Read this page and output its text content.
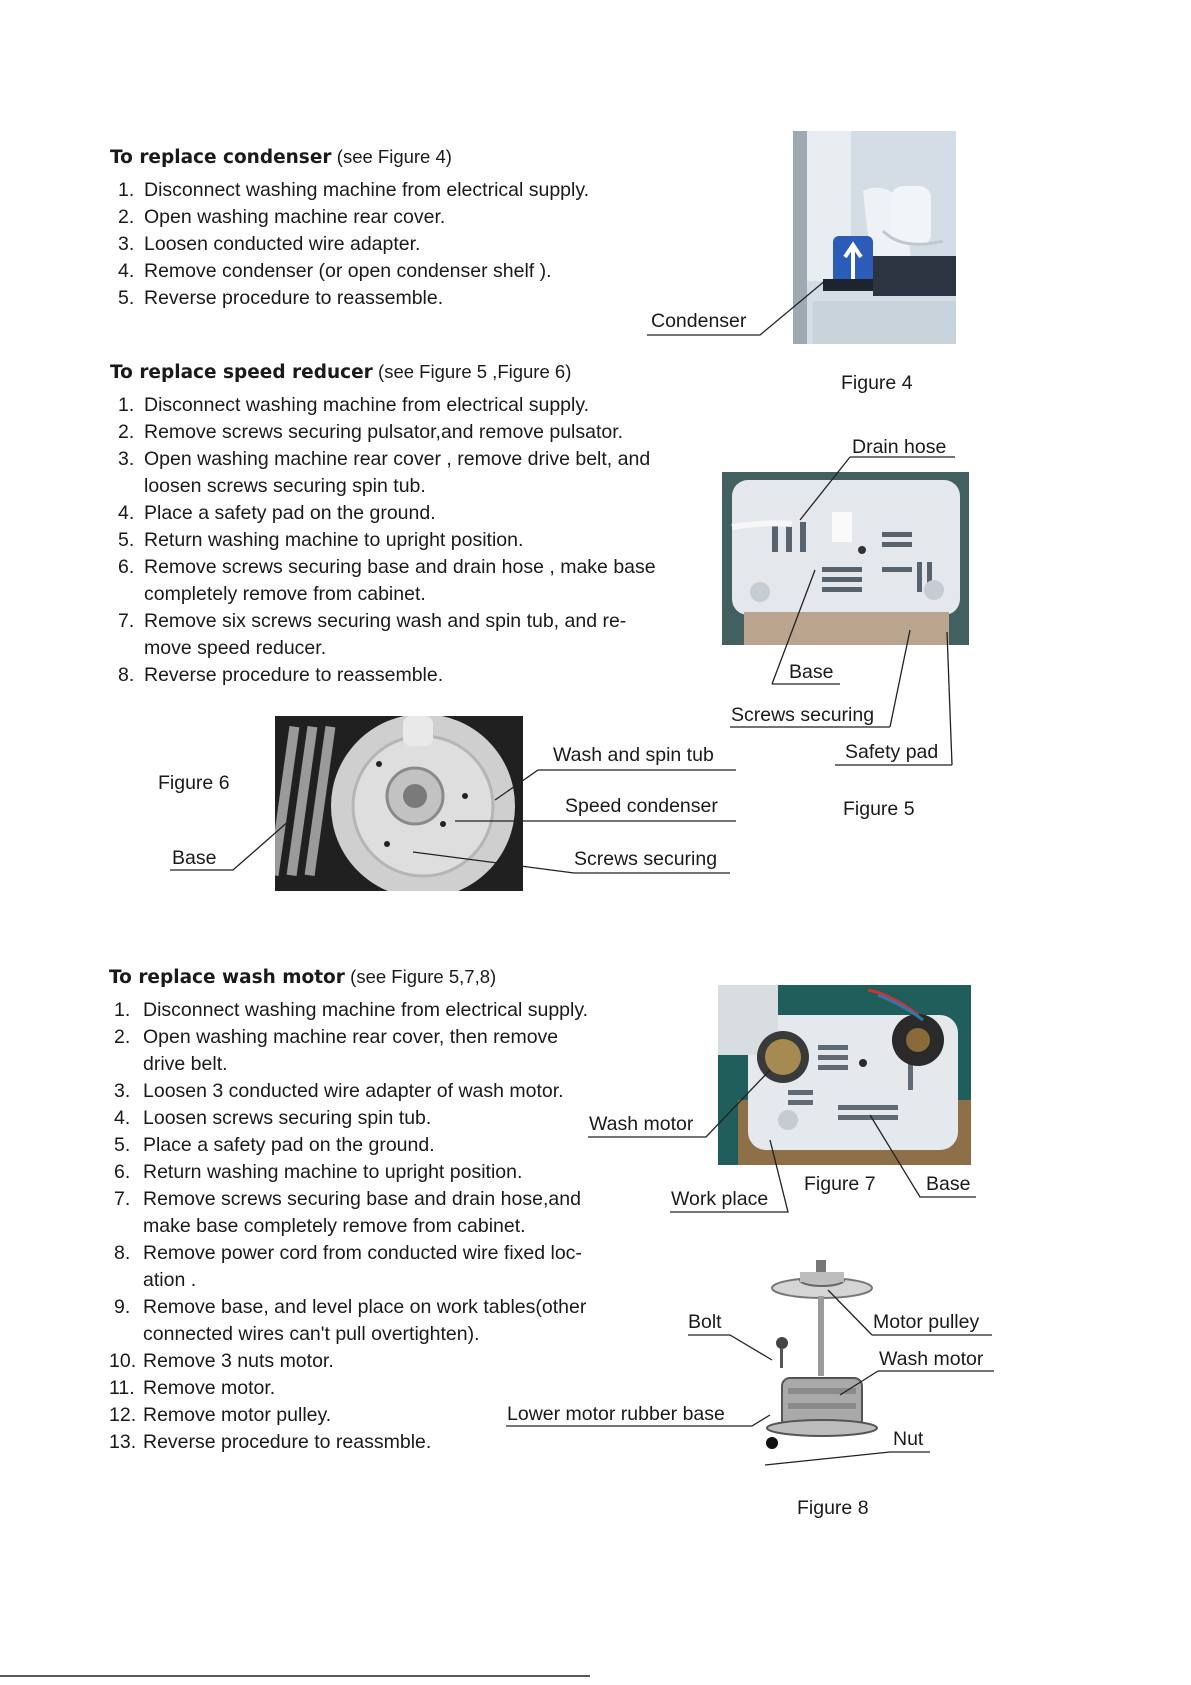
To replace condenser (see Figure 4)
1. Disconnect washing machine from electrical supply.
2. Open washing machine rear cover.
3. Loosen conducted wire adapter.
4. Remove condenser (or open condenser shelf ).
5. Reverse procedure to reassemble.
Condenser
Figure 4
To replace speed reducer (see Figure 5 ,Figure 6)
1. Disconnect washing machine from electrical supply.
2. Remove screws securing pulsator,and remove pulsator.
3. Open washing machine rear cover , remove drive belt, and loosen screws securing spin tub.
4. Place a safety pad on the ground.
5. Return washing machine to upright position.
6. Remove screws securing base and drain hose , make base completely remove from cabinet.
7. Remove six screws securing wash and spin tub, and re-move speed reducer.
8. Reverse procedure to reassemble.
Drain hose
Base
Screws securing
Safety pad
Figure 5
Figure 6
Base
Wash and spin tub
Speed condenser
Screws securing
To replace wash motor (see Figure 5,7,8)
1. Disconnect washing machine from electrical supply.
2. Open washing machine rear cover, then remove drive belt.
3. Loosen 3 conducted wire adapter of wash motor.
4. Loosen screws securing spin tub.
5. Place a safety pad on the ground.
6. Return washing machine to upright position.
7. Remove screws securing base and drain hose,and make base completely remove from cabinet.
8. Remove power cord from conducted wire fixed loc-ation .
9. Remove base, and level place on work tables(other connected wires can't pull overtighten).
10. Remove 3 nuts motor.
11. Remove motor.
12. Remove motor pulley.
13. Reverse procedure to reassmble.
Wash motor
Work place
Figure 7	Base
Bolt	Motor pulley
Wash motor
Lower motor rubber base
Nut
Figure 8
